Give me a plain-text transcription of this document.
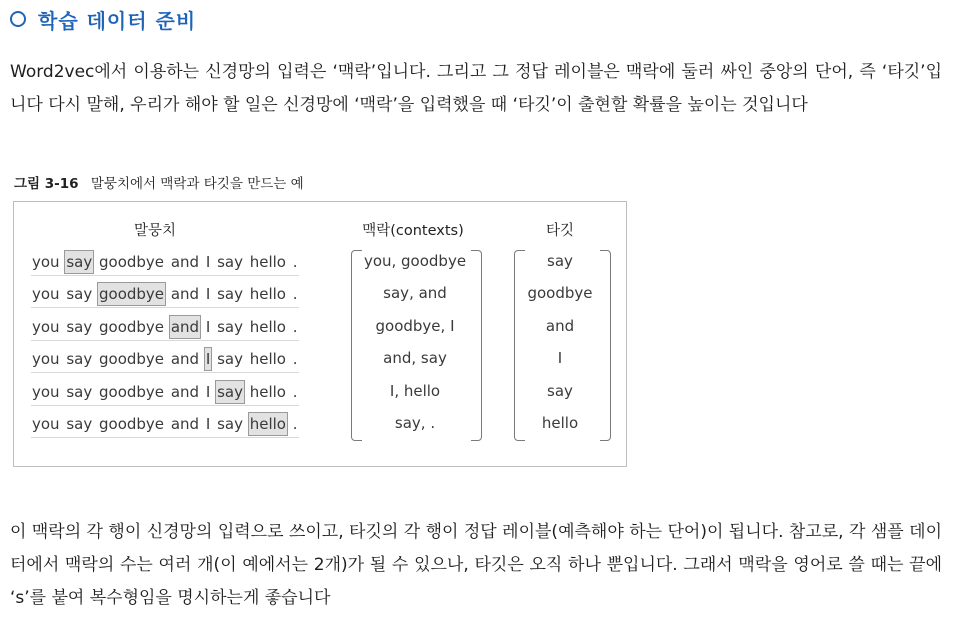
학습 데이터 준비
Word2vec에서 이용하는 신경망의 입력은 ‘맥락’입니다. 그리고 그 정답 레이블은 맥락에 둘러 싸인 중앙의 단어, 즉 ‘타깃’입니다 다시 말해, 우리가 해야 할 일은 신경망에 ‘맥락’을 입력했을 때 ‘타깃’이 출현할 확률을 높이는 것입니다
그림 3-16 말뭉치에서 맥락과 타깃을 만드는 예
말뭉치	맥락(contexts)	타깃
you say goodbye and I say hello .
you say goodbye and I say hello .
you say goodbye and I say hello .
you say goodbye and I say hello .
you say goodbye and I say hello .
you say goodbye and I say hello .
you, goodbye
say, and
goodbye, I
and, say
I, hello
say, .
say
goodbye
and
I
say
hello
이 맥락의 각 행이 신경망의 입력으로 쓰이고, 타깃의 각 행이 정답 레이블(예측해야 하는 단어)이 됩니다. 참고로, 각 샘플 데이터에서 맥락의 수는 여러 개(이 예에서는 2개)가 될 수 있으나, 타깃은 오직 하나 뿐입니다. 그래서 맥락을 영어로 쓸 때는 끝에 ‘s’를 붙여 복수형임을 명시하는게 좋습니다
